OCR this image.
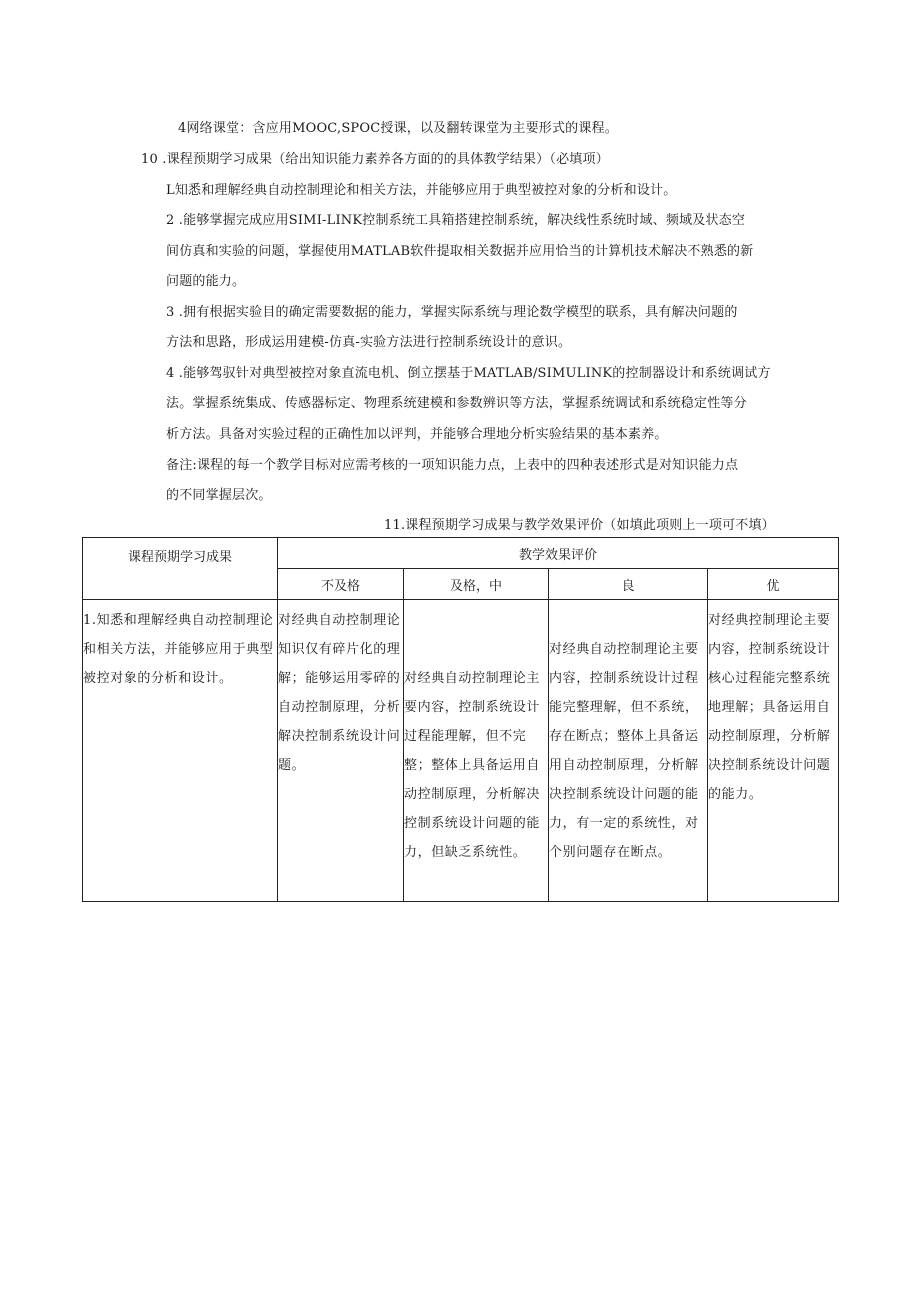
4网络课堂：含应用MOOC,SPOC授课，以及翻转课堂为主要形式的课程。
10 .课程预期学习成果（给出知识能力素养各方面的的具体教学结果）（必填项）
L知悉和理解经典自动控制理论和相关方法，并能够应用于典型被控对象的分析和设计。
2 .能够掌握完成应用SIMI-LINK控制系统工具箱搭建控制系统，解决线性系统时域、频域及状态空
间仿真和实验的问题，掌握使用MATLAB软件提取相关数据并应用恰当的计算机技术解决不熟悉的新
问题的能力。
3 .拥有根据实验目的确定需要数据的能力，掌握实际系统与理论数学模型的联系，具有解决问题的
方法和思路，形成运用建模-仿真-实验方法进行控制系统设计的意识。
4 .能够驾驭针对典型被控对象直流电机、倒立摆基于MATLAB/SIMULINK的控制器设计和系统调试方
法。掌握系统集成、传感器标定、物理系统建模和参数辨识等方法，掌握系统调试和系统稳定性等分
析方法。具备对实验过程的正确性加以评判，并能够合理地分析实验结果的基本素养。
备注:课程的每一个教学目标对应需考核的一项知识能力点，上表中的四种表述形式是对知识能力点
的不同掌握层次。
11.课程预期学习成果与教学效果评价（如填此项则上一项可不填）
课程预期学习成果	教学效果评价			
	不及格	及格，中	良	优

1.知悉和理解经典自动控制理论和相关方法，并能够应用于典型被控对象的分析和设计。	对经典自动控制理论知识仅有碎片化的理解；能够运用零碎的自动控制原理，分析解决控制系统设计问题。	对经典自动控制理论主要内容，控制系统设计过程能理解，但不完整；整体上具备运用自动控制原理，分析解决控制系统设计问题的能力，但缺乏系统性。	对经典自动控制理论主要内容，控制系统设计过程能完整理解，但不系统，存在断点；整体上具备运用自动控制原理，分析解决控制系统设计问题的能力，有一定的系统性，对个别问题存在断点。	对经典控制理论主要内容，控制系统设计核心过程能完整系统地理解；具备运用自动控制原理，分析解决控制系统设计问题的能力。
